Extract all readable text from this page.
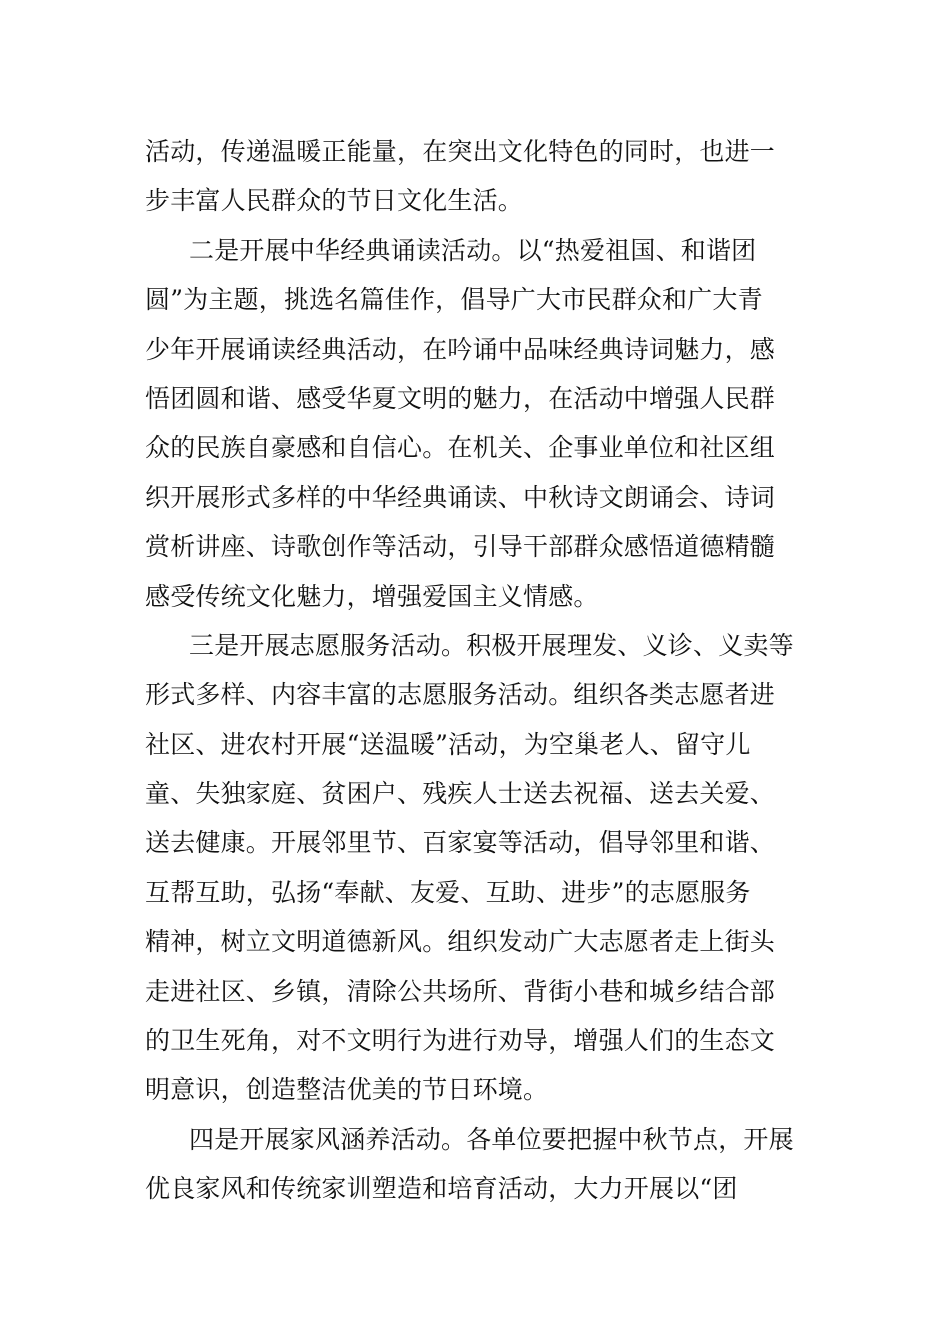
活动，传递温暖正能量，在突出文化特色的同时，也进一
步丰富人民群众的节日文化生活。
二是开展中华经典诵读活动。以“热爱祖国、和谐团
圆”为主题，挑选名篇佳作，倡导广大市民群众和广大青
少年开展诵读经典活动，在吟诵中品味经典诗词魅力，感
悟团圆和谐、感受华夏文明的魅力，在活动中增强人民群
众的民族自豪感和自信心。在机关、企事业单位和社区组
织开展形式多样的中华经典诵读、中秋诗文朗诵会、诗词
赏析讲座、诗歌创作等活动，引导干部群众感悟道德精髓
感受传统文化魅力，增强爱国主义情感。
三是开展志愿服务活动。积极开展理发、义诊、义卖等
形式多样、内容丰富的志愿服务活动。组织各类志愿者进
社区、进农村开展“送温暖”活动，为空巢老人、留守儿
童、失独家庭、贫困户、残疾人士送去祝福、送去关爱、
送去健康。开展邻里节、百家宴等活动，倡导邻里和谐、
互帮互助，弘扬“奉献、友爱、互助、进步”的志愿服务
精神，树立文明道德新风。组织发动广大志愿者走上街头
走进社区、乡镇，清除公共场所、背街小巷和城乡结合部
的卫生死角，对不文明行为进行劝导，增强人们的生态文
明意识，创造整洁优美的节日环境。
四是开展家风涵养活动。各单位要把握中秋节点，开展
优良家风和传统家训塑造和培育活动，大力开展以“团
